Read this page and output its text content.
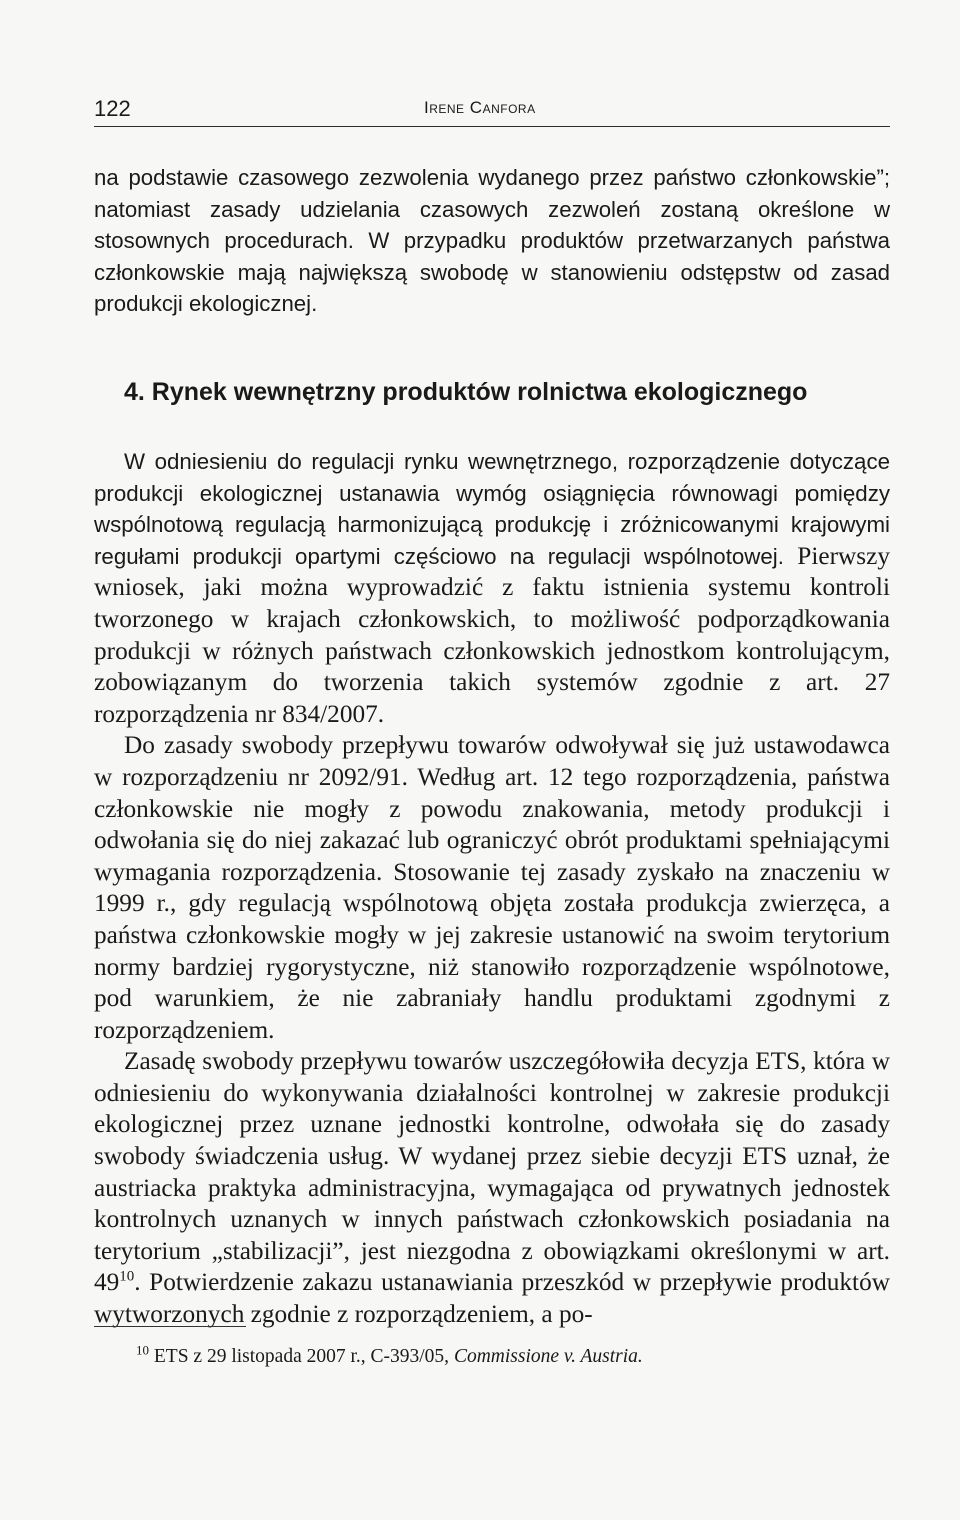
122	Irene Canfora

na podstawie czasowego zezwolenia wydanego przez państwo członkowskie”; natomiast zasady udzielania czasowych zezwoleń zostaną określone w stosownych procedurach. W przypadku produktów przetwarzanych państwa członkowskie mają największą swobodę w stanowieniu odstępstw od zasad produkcji ekologicznej.

4. Rynek wewnętrzny produktów rolnictwa ekologicznego

W odniesieniu do regulacji rynku wewnętrznego, rozporządzenie dotyczące produkcji ekologicznej ustanawia wymóg osiągnięcia równowagi pomiędzy wspólnotową regulacją harmonizującą produkcję i zróżnicowanymi krajowymi regułami produkcji opartymi częściowo na regulacji wspólnotowej. Pierwszy wniosek, jaki można wyprowadzić z faktu istnienia systemu kontroli tworzonego w krajach członkowskich, to możliwość podporządkowania produkcji w różnych państwach członkowskich jednostkom kontrolującym, zobowiązanym do tworzenia takich systemów zgodnie z art. 27 rozporządzenia nr 834/2007.

Do zasady swobody przepływu towarów odwoływał się już ustawodawca w rozporządzeniu nr 2092/91. Według art. 12 tego rozporządzenia, państwa członkowskie nie mogły z powodu znakowania, metody produkcji i odwołania się do niej zakazać lub ograniczyć obrót produktami spełniającymi wymagania rozporządzenia. Stosowanie tej zasady zyskało na znaczeniu w 1999 r., gdy regulacją wspólnotową objęta została produkcja zwierzęca, a państwa członkowskie mogły w jej zakresie ustanowić na swoim terytorium normy bardziej rygorystyczne, niż stanowiło rozporządzenie wspólnotowe, pod warunkiem, że nie zabraniały handlu produktami zgodnymi z rozporządzeniem.

Zasadę swobody przepływu towarów uszczegółowiła decyzja ETS, która w odniesieniu do wykonywania działalności kontrolnej w zakresie produkcji ekologicznej przez uznane jednostki kontrolne, odwołała się do zasady swobody świadczenia usług. W wydanej przez siebie decyzji ETS uznał, że austriacka praktyka administracyjna, wymagająca od prywatnych jednostek kontrolnych uznanych w innych państwach członkowskich posiadania na terytorium „stabilizacji”, jest niezgodna z obowiązkami określonymi w art. $49^{10}$. Potwierdzenie zakazu ustanawiania przeszkód w przepływie produktów wytworzonych zgodnie z rozporządzeniem, a po-

$^{10}$ ETS z 29 listopada 2007 r., C-393/05, Commissione v. Austria.
